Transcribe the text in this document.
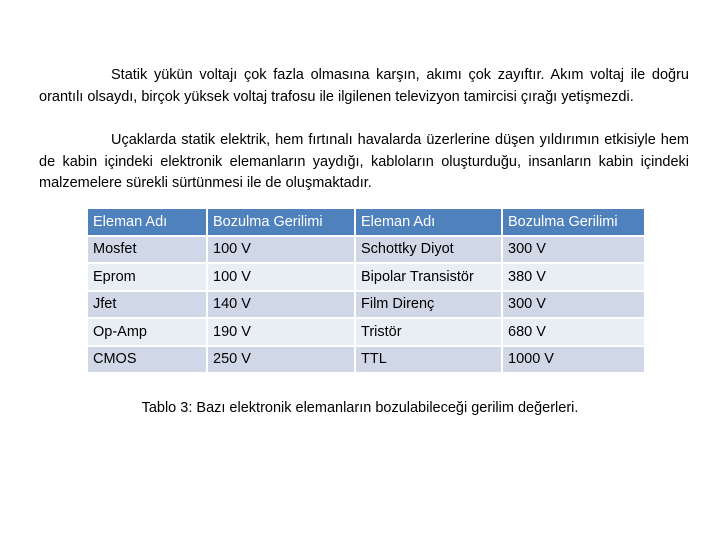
Statik yükün voltajı çok fazla olmasına karşın, akımı çok zayıftır. Akım voltaj ile doğru orantılı olsaydı, birçok yüksek voltaj trafosu ile ilgilenen televizyon tamircisi çırağı yetişmezdi.

Uçaklarda statik elektrik, hem fırtınalı havalarda üzerlerine düşen yıldırımın etkisiyle hem de kabin içindeki elektronik elemanların yaydığı, kabloların oluşturduğu, insanların kabin içindeki malzemelere sürekli sürtünmesi ile de oluşmaktadır.

Eleman Adı	Bozulma Gerilimi	Eleman Adı	Bozulma Gerilimi
Mosfet	100 V	Schottky Diyot	300 V
Eprom	100 V	Bipolar Transistör	380 V
Jfet	140 V	Film Direnç	300 V
Op-Amp	190 V	Tristör	680 V
CMOS	250 V	TTL	1000 V
Tablo 3: Bazı elektronik elemanların bozulabileceği gerilim değerleri.
